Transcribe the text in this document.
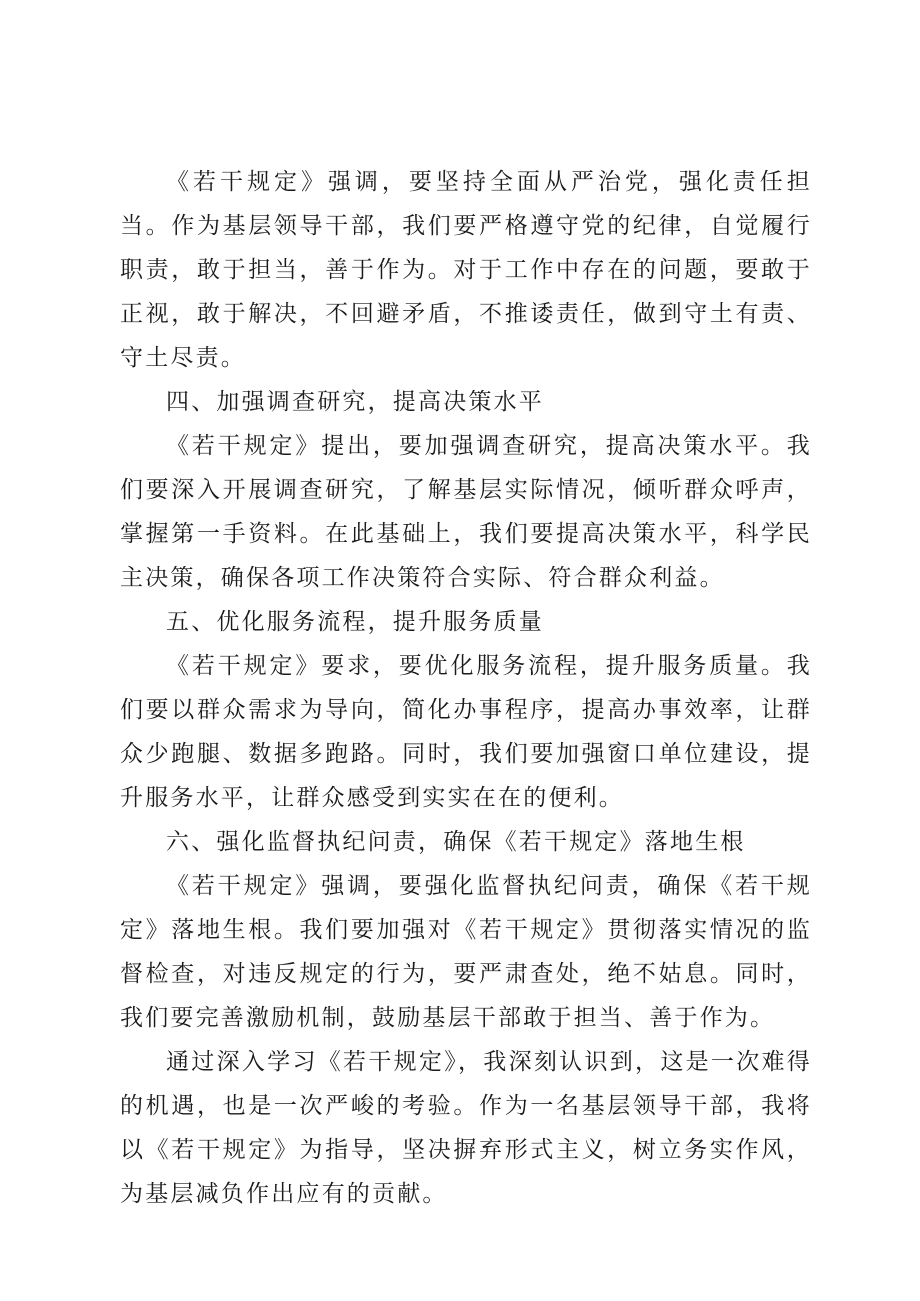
《若干规定》强调，要坚持全面从严治党，强化责任担当。作为基层领导干部，我们要严格遵守党的纪律，自觉履行职责，敢于担当，善于作为。对于工作中存在的问题，要敢于正视，敢于解决，不回避矛盾，不推诿责任，做到守土有责、守土尽责。

四、加强调查研究，提高决策水平

《若干规定》提出，要加强调查研究，提高决策水平。我们要深入开展调查研究，了解基层实际情况，倾听群众呼声，掌握第一手资料。在此基础上，我们要提高决策水平，科学民主决策，确保各项工作决策符合实际、符合群众利益。

五、优化服务流程，提升服务质量

《若干规定》要求，要优化服务流程，提升服务质量。我们要以群众需求为导向，简化办事程序，提高办事效率，让群众少跑腿、数据多跑路。同时，我们要加强窗口单位建设，提升服务水平，让群众感受到实实在在的便利。

六、强化监督执纪问责，确保《若干规定》落地生根

《若干规定》强调，要强化监督执纪问责，确保《若干规定》落地生根。我们要加强对《若干规定》贯彻落实情况的监督检查，对违反规定的行为，要严肃查处，绝不姑息。同时，我们要完善激励机制，鼓励基层干部敢于担当、善于作为。

通过深入学习《若干规定》，我深刻认识到，这是一次难得的机遇，也是一次严峻的考验。作为一名基层领导干部，我将以《若干规定》为指导，坚决摒弃形式主义，树立务实作风，为基层减负作出应有的贡献。
